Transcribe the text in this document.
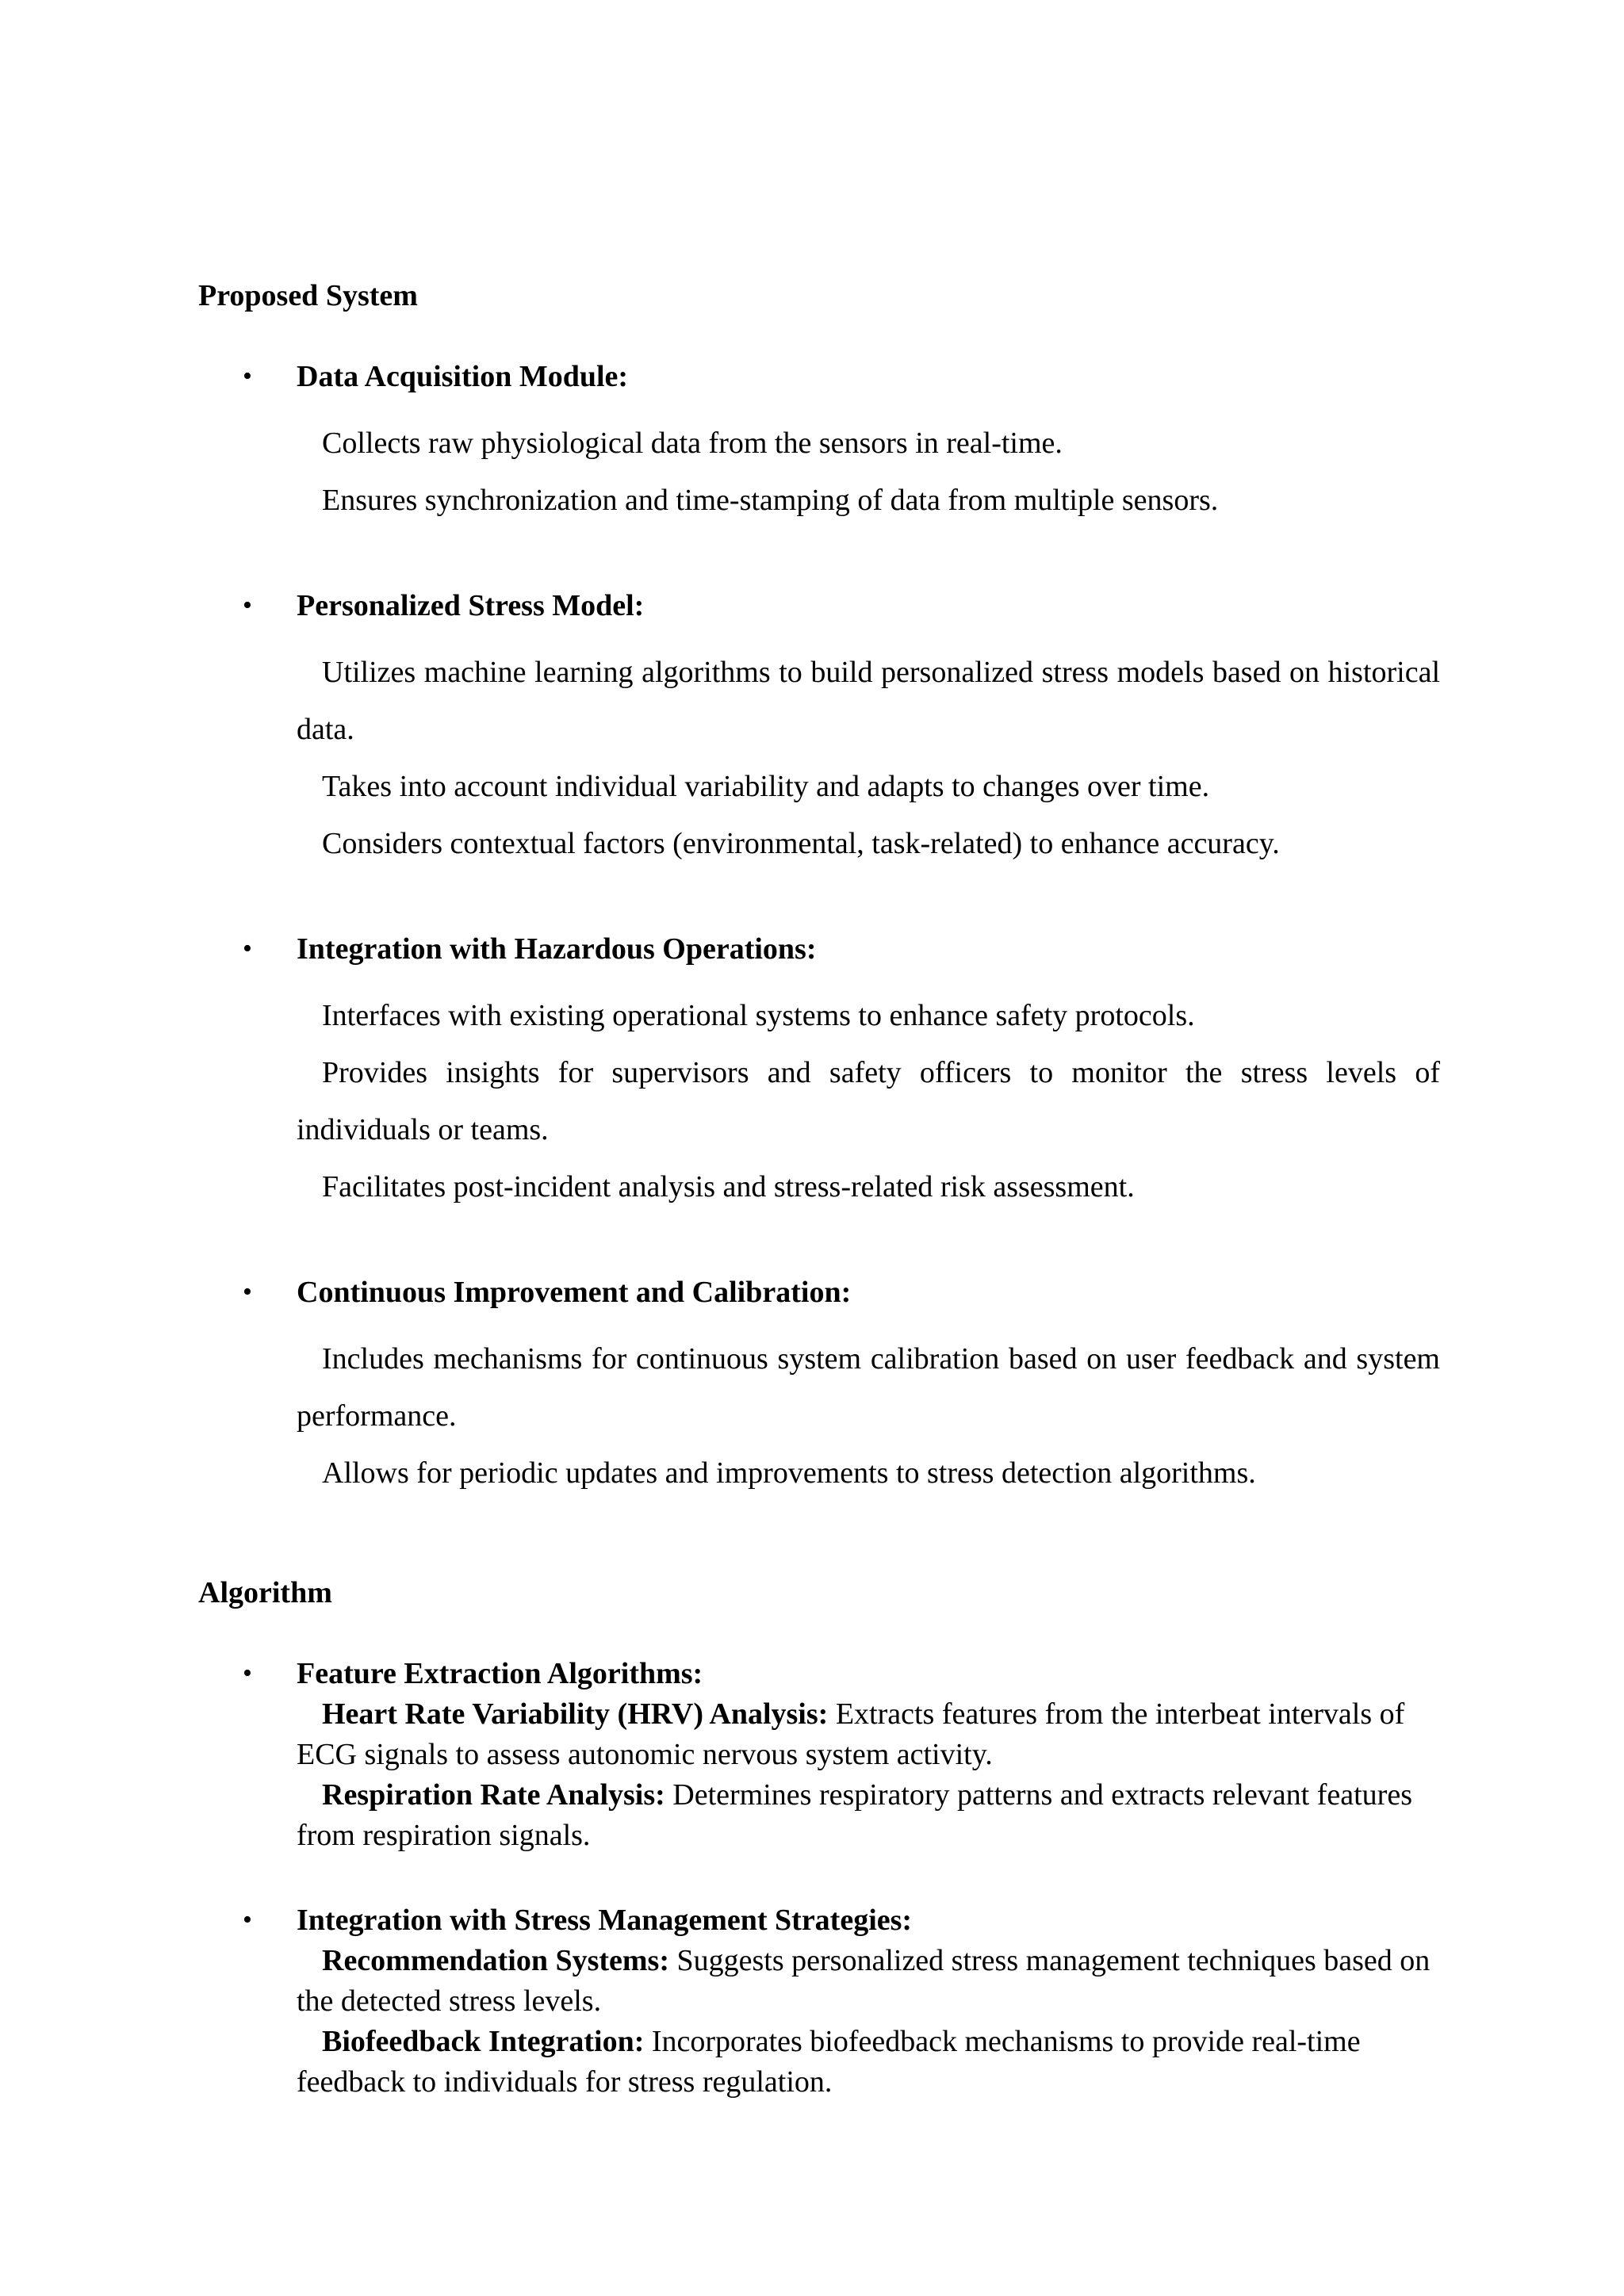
Proposed System
• Data Acquisition Module:

Collects raw physiological data from the sensors in real-time.

Ensures synchronization and time-stamping of data from multiple sensors.

• Personalized Stress Model:

Utilizes machine learning algorithms to build personalized stress models based on historical data.

Takes into account individual variability and adapts to changes over time.

Considers contextual factors (environmental, task-related) to enhance accuracy.

• Integration with Hazardous Operations:

Interfaces with existing operational systems to enhance safety protocols.

Provides insights for supervisors and safety officers to monitor the stress levels of individuals or teams.

Facilitates post-incident analysis and stress-related risk assessment.

• Continuous Improvement and Calibration:

Includes mechanisms for continuous system calibration based on user feedback and system performance.

Allows for periodic updates and improvements to stress detection algorithms.

Algorithm
• Feature Extraction Algorithms:

Heart Rate Variability (HRV) Analysis: Extracts features from the interbeat intervals of ECG signals to assess autonomic nervous system activity.

Respiration Rate Analysis: Determines respiratory patterns and extracts relevant features from respiration signals.

• Integration with Stress Management Strategies:

Recommendation Systems: Suggests personalized stress management techniques based on the detected stress levels.

Biofeedback Integration: Incorporates biofeedback mechanisms to provide real-time feedback to individuals for stress regulation.
